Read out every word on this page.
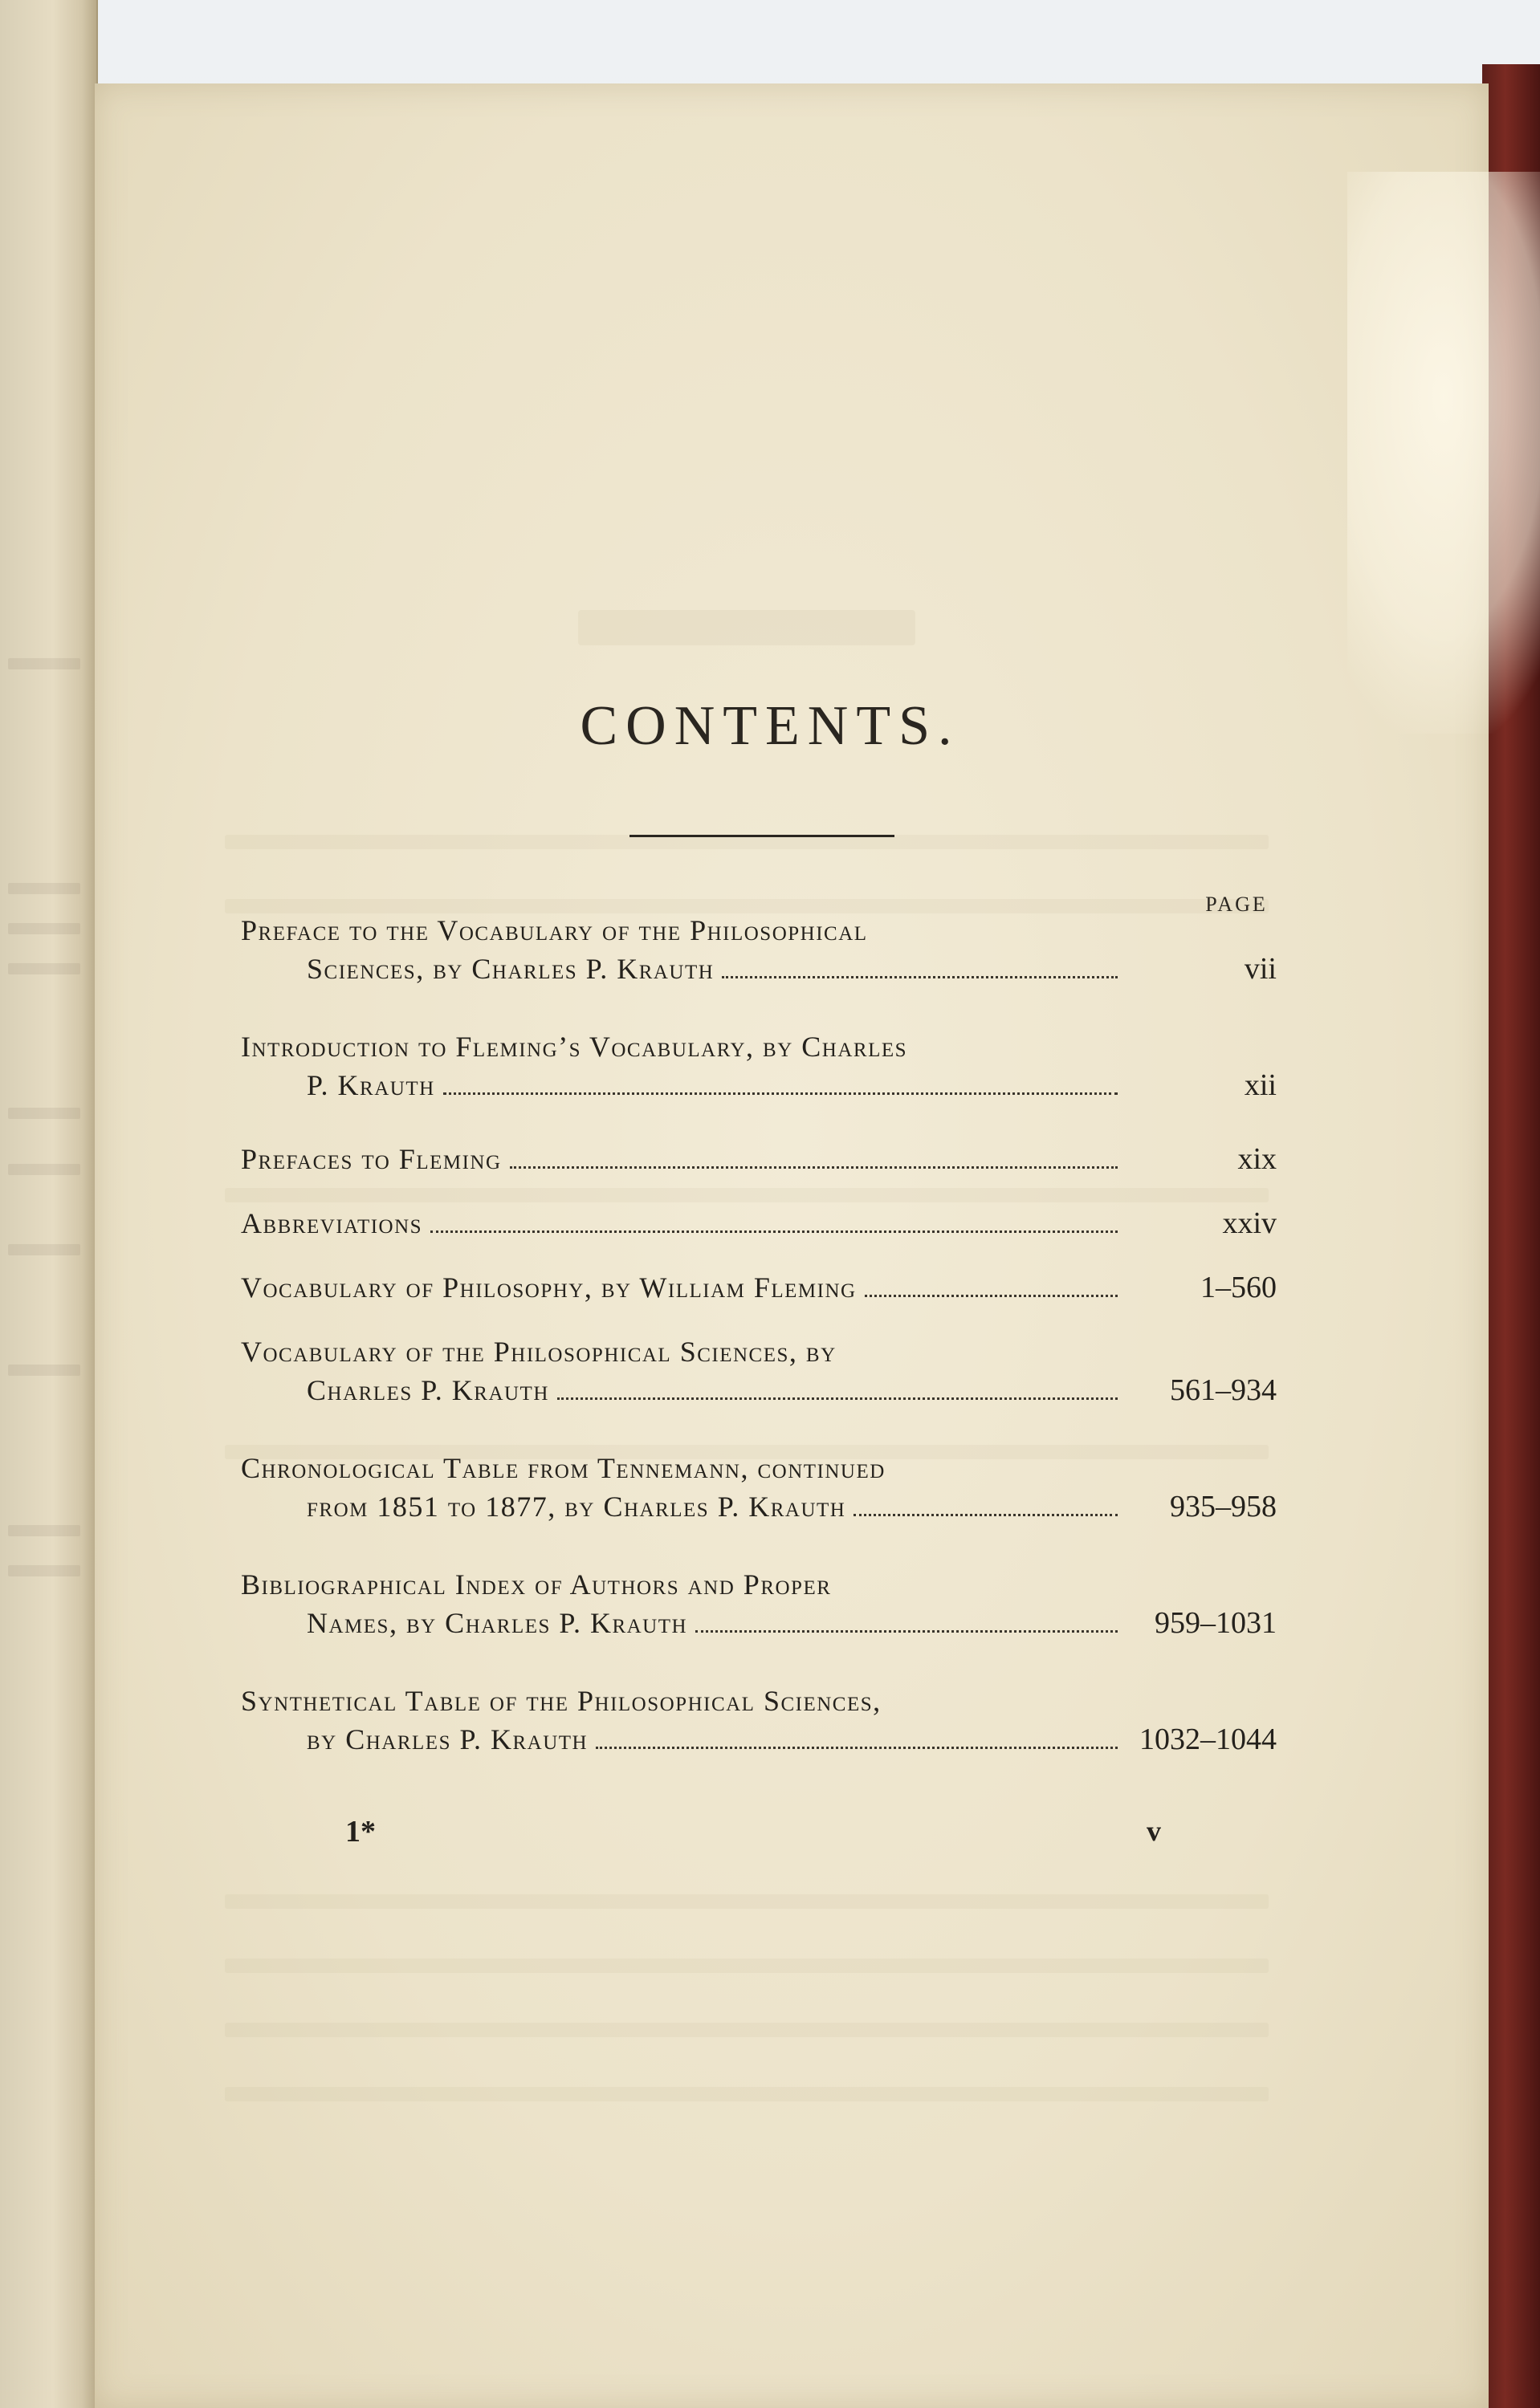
CONTENTS.
PAGE
Preface to the Vocabulary of the Philosophical
Sciences, by Charles P. Krauth	vii
Introduction to Fleming’s Vocabulary, by Charles
P. Krauth	xii
Prefaces to Fleming	xix
Abbreviations	xxiv
Vocabulary of Philosophy, by William Fleming	1–560
Vocabulary of the Philosophical Sciences, by
Charles P. Krauth	561–934
Chronological Table from Tennemann, continued
from 1851 to 1877, by Charles P. Krauth	935–958
Bibliographical Index of Authors and Proper
Names, by Charles P. Krauth	959–1031
Synthetical Table of the Philosophical Sciences,
by Charles P. Krauth	1032–1044
1*	v
